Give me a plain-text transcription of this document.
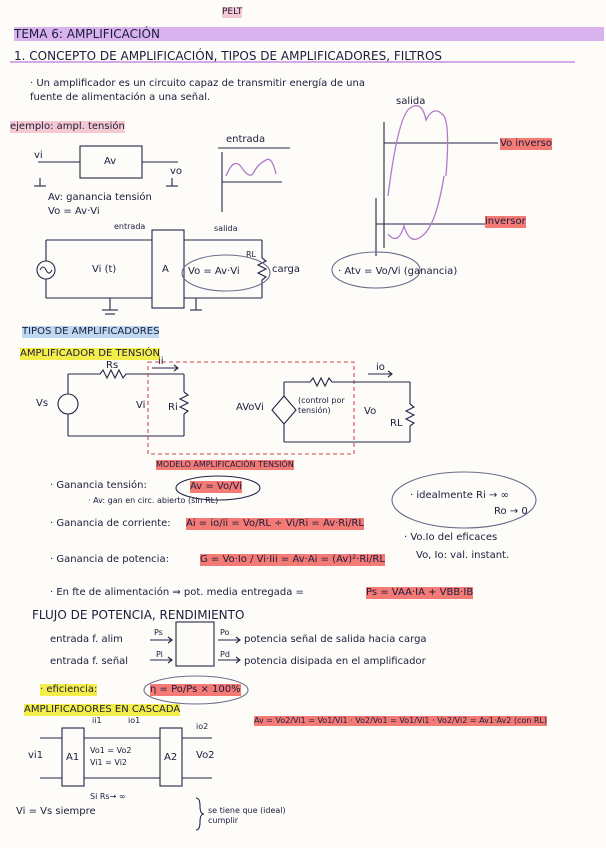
PELT
TEMA 6: AMPLIFICACIÓN
1. CONCEPTO DE AMPLIFICACIÓN, TIPOS DE AMPLIFICADORES, FILTROS
· Un amplificador es un circuito capaz de transmitir energía de una
fuente de alimentación a una señal.	salida
ejemplo: ampl. tensión
entrada	Vo inverso
inversor
vi
vo
Av
Av: ganancia tensión
Vo = Av·Vi
entrada	salida
Vi (t)	A Vo = Av·Vi
RL
carga	· Atv = Vo/Vi (ganancia)
TIPOS DE AMPLIFICADORES
AMPLIFICADOR DE TENSIÓN
Rs	ii
io
Vs	Vi Ri	AVoVi
(control por tensión)	Vo
RL
MODELO AMPLIFICACIÓN TENSIÓN
· Ganancia tensión:	Av = Vo/Vi
· Av: gan en circ. abierto (sin RL)	· idealmente Ri → ∞
Ro → 0
· Ganancia de corriente: Ai = io/ii = Vo/RL ÷ Vi/Ri = Av·Ri/RL
· Vo.Io del eficaces
Vo, Io: val. instant.
· Ganancia de potencia:	G = Vo·Io / Vi·Iii = Av·Ai = (Av)²·Ri/RL
· En fte de alimentación ⇒ pot. media entregada =	Ps = VAA·IA + VBB·IB
FLUJO DE POTENCIA, RENDIMIENTO
entrada f. alim
Ps	Po
potencia señal de salida hacia carga
entrada f. señal
Pi	Pd
potencia disipada en el amplificador
· eficiencia:	η = Po/Ps × 100%
AMPLIFICADORES EN CASCADA
ii1	io1
io2
vi1	Vo1 = Vo2
Vi1 = Vi2
Vo2
A1	A2
Av = Vo2/Vi1 = Vo1/Vi1 · Vo2/Vo1 = Vo1/Vi1 · Vo2/Vi2 = Av1·Av2 (con RL)
Si Rs→ ∞
Vi = Vs siempre	se tiene que (ideal) cumplir
